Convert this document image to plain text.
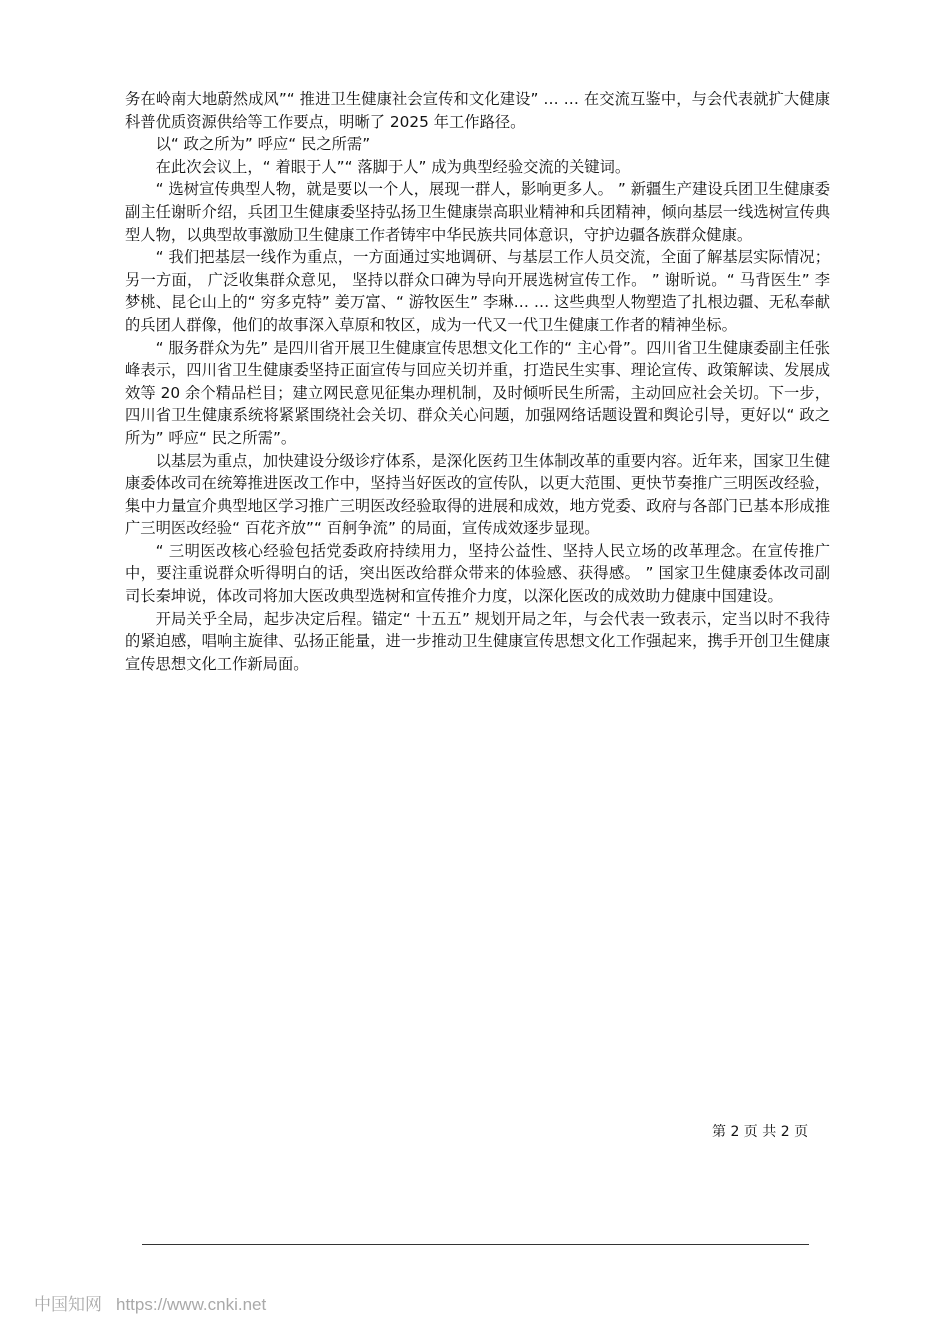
务在岭南大地蔚然成风”“ 推进卫生健康社会宣传和文化建设” … … 在交流互鉴中，与会代表就扩大健康科普优质资源供给等工作要点，明晰了 2025 年工作路径。

以“ 政之所为” 呼应“ 民之所需”

在此次会议上，“ 着眼于人”“ 落脚于人” 成为典型经验交流的关键词。

“ 选树宣传典型人物，就是要以一个人，展现一群人，影响更多人。 ” 新疆生产建设兵团卫生健康委副主任谢昕介绍，兵团卫生健康委坚持弘扬卫生健康崇高职业精神和兵团精神，倾向基层一线选树宣传典型人物，以典型故事激励卫生健康工作者铸牢中华民族共同体意识，守护边疆各族群众健康。

“ 我们把基层一线作为重点，一方面通过实地调研、与基层工作人员交流，全面了解基层实际情况； 另一方面， 广泛收集群众意见， 坚持以群众口碑为导向开展选树宣传工作。 ” 谢昕说。“ 马背医生” 李梦桃、昆仑山上的“ 穷多克特” 姜万富、“ 游牧医生” 李琳… … 这些典型人物塑造了扎根边疆、无私奉献的兵团人群像，他们的故事深入草原和牧区，成为一代又一代卫生健康工作者的精神坐标。

“ 服务群众为先” 是四川省开展卫生健康宣传思想文化工作的“ 主心骨”。四川省卫生健康委副主任张峰表示，四川省卫生健康委坚持正面宣传与回应关切并重，打造民生实事、理论宣传、政策解读、发展成效等 20 余个精品栏目；建立网民意见征集办理机制，及时倾听民生所需，主动回应社会关切。下一步，四川省卫生健康系统将紧紧围绕社会关切、群众关心问题，加强网络话题设置和舆论引导，更好以“ 政之所为” 呼应“ 民之所需”。

以基层为重点，加快建设分级诊疗体系，是深化医药卫生体制改革的重要内容。近年来，国家卫生健康委体改司在统筹推进医改工作中，坚持当好医改的宣传队，以更大范围、更快节奏推广三明医改经验，集中力量宣介典型地区学习推广三明医改经验取得的进展和成效，地方党委、政府与各部门已基本形成推广三明医改经验“ 百花齐放”“ 百舸争流” 的局面，宣传成效逐步显现。

“ 三明医改核心经验包括党委政府持续用力，坚持公益性、坚持人民立场的改革理念。在宣传推广中，要注重说群众听得明白的话，突出医改给群众带来的体验感、获得感。 ” 国家卫生健康委体改司副司长秦坤说，体改司将加大医改典型选树和宣传推介力度，以深化医改的成效助力健康中国建设。

开局关乎全局，起步决定后程。锚定“ 十五五” 规划开局之年，与会代表一致表示，定当以时不我待的紧迫感，唱响主旋律、弘扬正能量，进一步推动卫生健康宣传思想文化工作强起来，携手开创卫生健康宣传思想文化工作新局面。

第 2 页 共 2 页
中国知网 https://www.cnki.net
